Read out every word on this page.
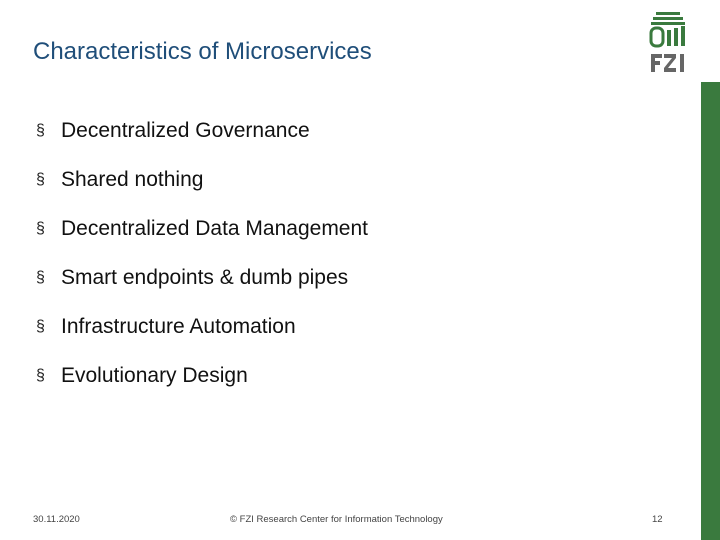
Characteristics of Microservices
§ Decentralized Governance
§ Shared nothing
§ Decentralized Data Management
§ Smart endpoints & dumb pipes
§ Infrastructure Automation
§ Evolutionary Design
30.11.2020	© FZI Research Center for Information Technology	12
